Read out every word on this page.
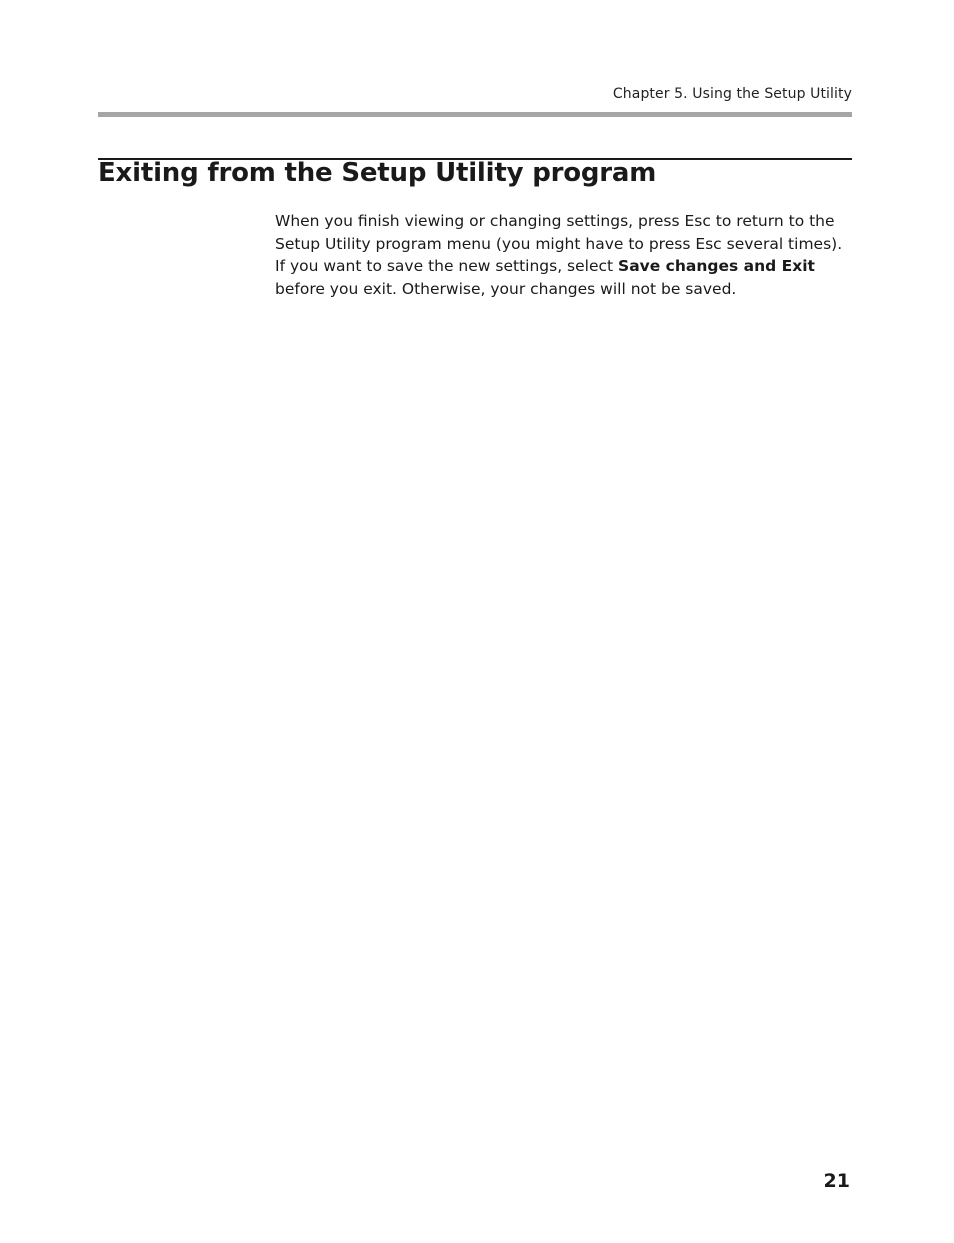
Chapter 5. Using the Setup Utility
Exiting from the Setup Utility program

When you finish viewing or changing settings, press Esc to return to the Setup Utility program menu (you might have to press Esc several times). If you want to save the new settings, select Save changes and Exit before you exit. Otherwise, your changes will not be saved.

21
